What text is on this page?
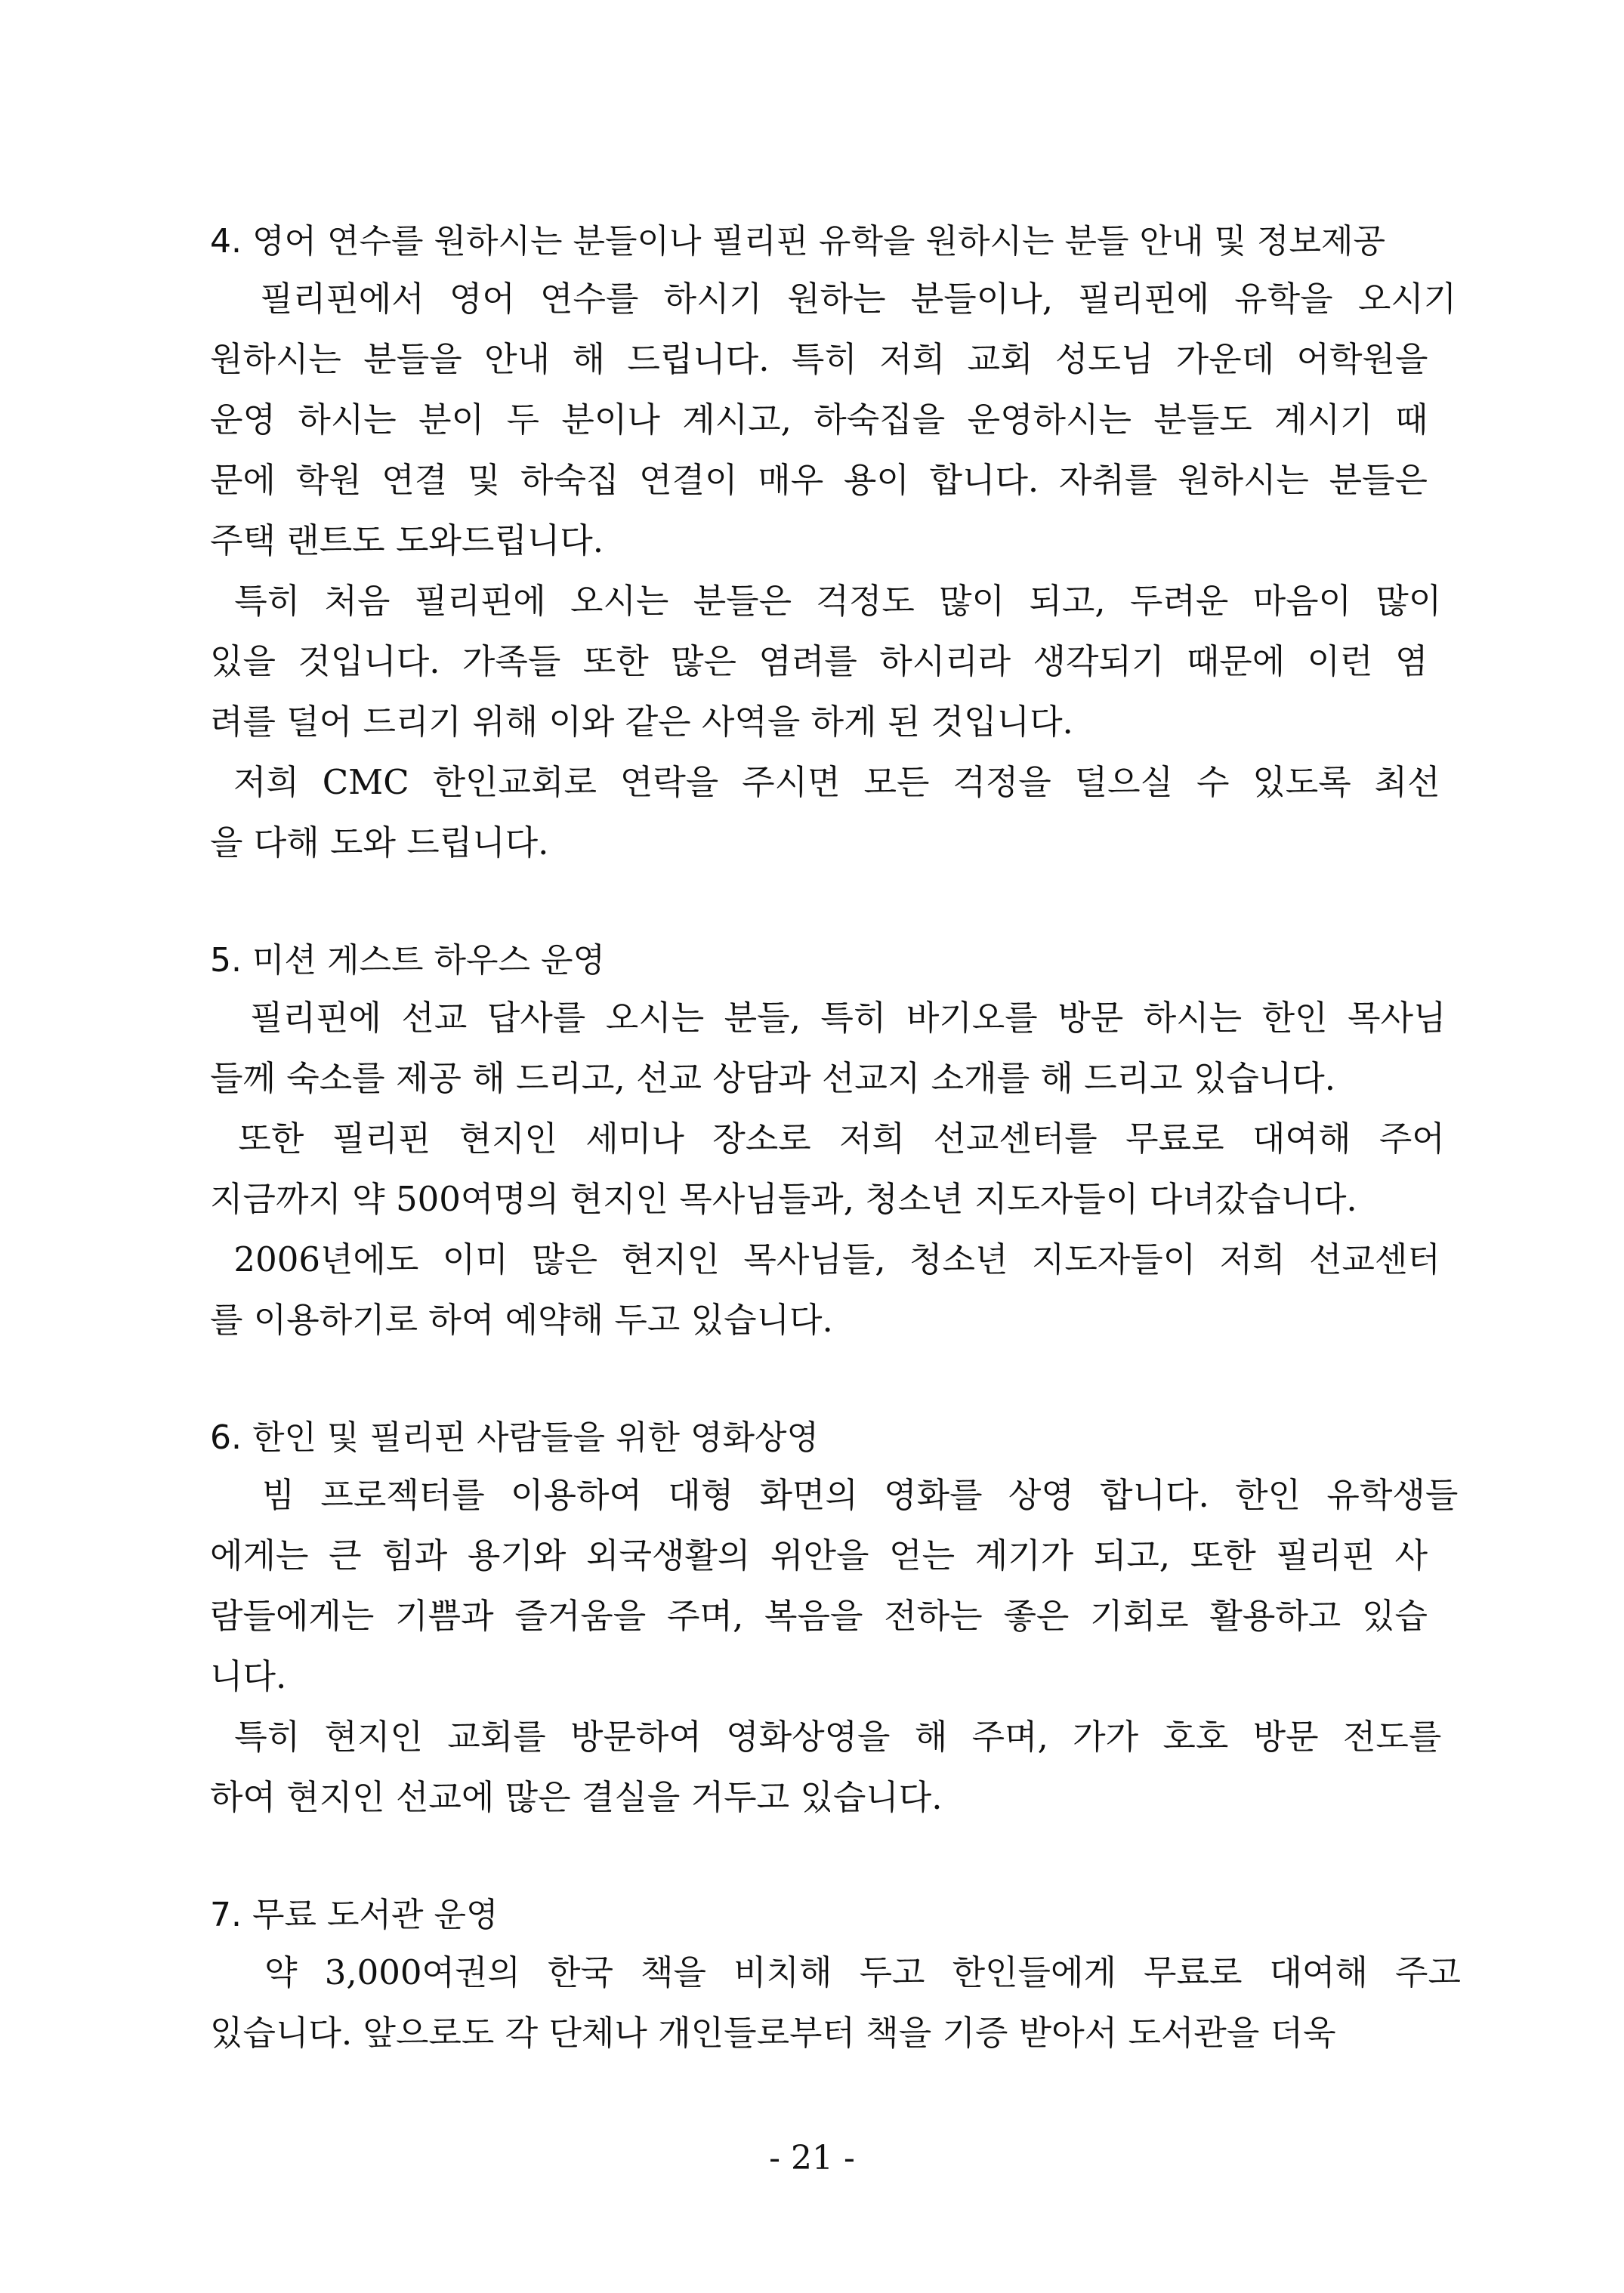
4. 영어 연수를 원하시는 분들이나 필리핀 유학을 원하시는 분들 안내 및 정보제공
필리핀에서 영어 연수를 하시기 원하는 분들이나, 필리핀에 유학을 오시기
원하시는 분들을 안내 해 드립니다. 특히 저희 교회 성도님 가운데 어학원을
운영 하시는 분이 두 분이나 계시고, 하숙집을 운영하시는 분들도 계시기 때
문에 학원 연결 및 하숙집 연결이 매우 용이 합니다. 자취를 원하시는 분들은
주택 랜트도 도와드립니다.
특히 처음 필리핀에 오시는 분들은 걱정도 많이 되고, 두려운 마음이 많이
있을 것입니다. 가족들 또한 많은 염려를 하시리라 생각되기 때문에 이런 염
려를 덜어 드리기 위해 이와 같은 사역을 하게 된 것입니다.
저희 CMC 한인교회로 연락을 주시면 모든 걱정을 덜으실 수 있도록 최선
을 다해 도와 드립니다.
5. 미션 게스트 하우스 운영
필리핀에 선교 답사를 오시는 분들, 특히 바기오를 방문 하시는 한인 목사님
들께 숙소를 제공 해 드리고, 선교 상담과 선교지 소개를 해 드리고 있습니다.
또한 필리핀 현지인 세미나 장소로 저희 선교센터를 무료로 대여해 주어
지금까지 약 500여명의 현지인 목사님들과, 청소년 지도자들이 다녀갔습니다.
2006년에도 이미 많은 현지인 목사님들, 청소년 지도자들이 저희 선교센터
를 이용하기로 하여 예약해 두고 있습니다.
6. 한인 및 필리핀 사람들을 위한 영화상영
빔 프로젝터를 이용하여 대형 화면의 영화를 상영 합니다. 한인 유학생들
에게는 큰 힘과 용기와 외국생활의 위안을 얻는 계기가 되고, 또한 필리핀 사
람들에게는 기쁨과 즐거움을 주며, 복음을 전하는 좋은 기회로 활용하고 있습
니다.
특히 현지인 교회를 방문하여 영화상영을 해 주며, 가가 호호 방문 전도를
하여 현지인 선교에 많은 결실을 거두고 있습니다.
7. 무료 도서관 운영
약 3,000여권의 한국 책을 비치해 두고 한인들에게 무료로 대여해 주고
있습니다. 앞으로도 각 단체나 개인들로부터 책을 기증 받아서 도서관을 더욱
- 21 -
